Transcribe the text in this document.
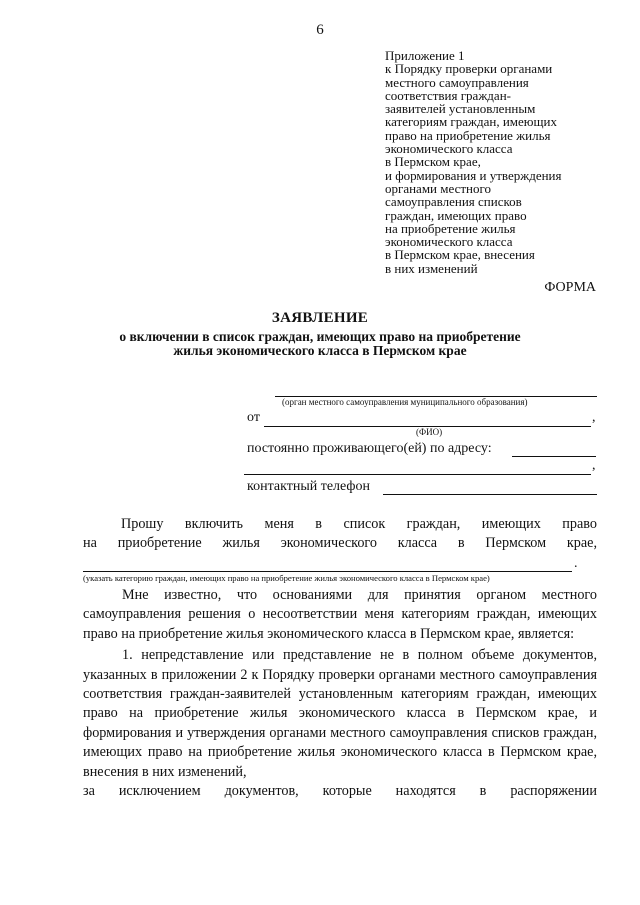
6
Приложение 1
к Порядку проверки органами
местного самоуправления
соответствия граждан-
заявителей установленным
категориям граждан, имеющих
право на приобретение жилья
экономического класса
в Пермском крае,
и формирования и утверждения
органами местного
самоуправления списков
граждан, имеющих право
на приобретение жилья
экономического класса
в Пермском крае, внесения
в них изменений
ФОРМА
ЗАЯВЛЕНИЕ
о включении в список граждан, имеющих право на приобретение
жилья экономического класса в Пермском крае
(орган местного самоуправления муниципального образования)
от	,
(ФИО)
постоянно проживающего(ей) по адресу:
,
контактный телефон

Прошу включить меня в список граждан, имеющих право

на приобретение жилья экономического класса в Пермском крае,

.
(указать категорию граждан, имеющих право на приобретение жилья экономического класса в Пермском крае)

Мне известно, что основаниями для принятия органом местного самоуправления решения о несоответствии меня категориям граждан, имеющих право на приобретение жилья экономического класса в Пермском крае, является:

1. непредставление или представление не в полном объеме документов, указанных в приложении 2 к Порядку проверки органами местного самоуправления соответствия граждан-заявителей установленным категориям граждан, имеющих право на приобретение жилья экономического класса в Пермском крае, и формирования и утверждения органами местного самоуправления списков граждан, имеющих право на приобретение жилья экономического класса в Пермском крае, внесения в них изменений,

за исключением документов, которые находятся в распоряжении
